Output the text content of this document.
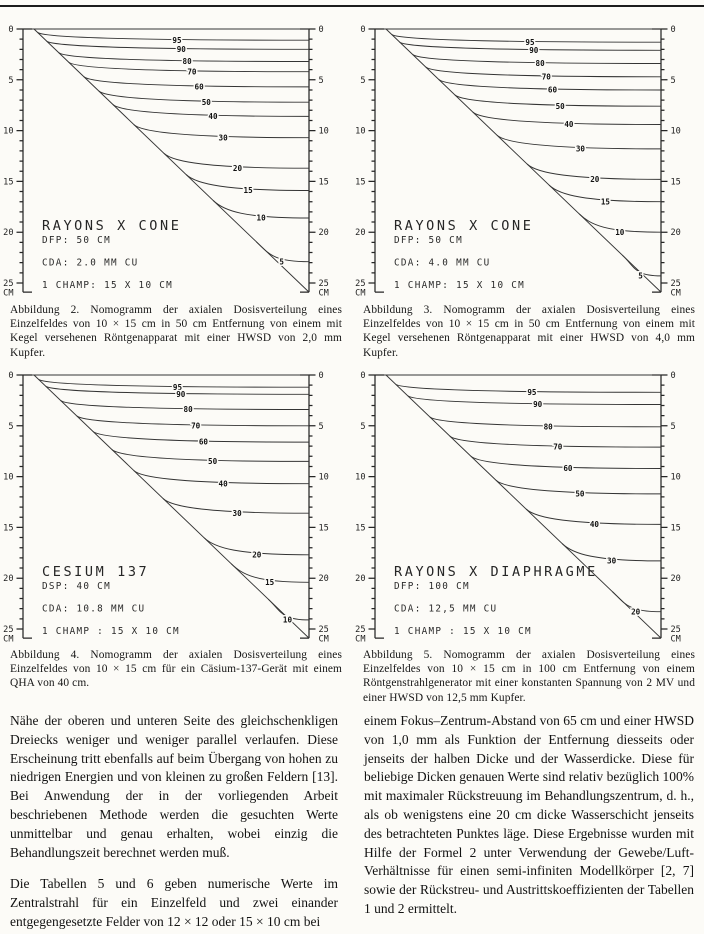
0	0
5	5
10	10
15	15
20	20
25	25
CM	CM
95
90
80
70
60
50
40
30
20
15
10
5
RAYONS X CONE
DFP: 50 CM
CDA: 2.0 MM CU
1 CHAMP: 15 X 10 CM
0	0
5	5
10	10
15	15
20	20
25	25
CM	CM
95
90
80
70
60
50
40
30
20
15
10
5
RAYONS X CONE
DFP: 50 CM
CDA: 4.0 MM CU
1 CHAMP: 15 X 10 CM
Abbildung 2. Nomogramm der axialen Dosisverteilung eines Einzelfeldes von 10 × 15 cm in 50 cm Entfernung von einem mit Kegel versehenen Röntgenapparat mit einer HWSD von 2,0 mm Kupfer.
Abbildung 3. Nomogramm der axialen Dosisverteilung eines Einzelfeldes von 10 × 15 cm in 50 cm Entfernung von einem mit Kegel versehenen Röntgenapparat mit einer HWSD von 4,0 mm Kupfer.
0	0
5	5
10	10
15	15
20	20
25	25
CM	CM
95
90
80
70
60
50
40
30
20
15
10
CESIUM 137
DSP: 40 CM
CDA: 10.8 MM CU
1 CHAMP : 15 X 10 CM
0	0
5	5
10	10
15	15
20	20
25	25
CM	CM
95
90
80
70
60
50
40
30
20
RAYONS X DIAPHRAGME
DFP: 100 CM
CDA: 12,5 MM CU
1 CHAMP : 15 X 10 CM
Abbildung 4. Nomogramm der axialen Dosisverteilung eines Einzelfeldes von 10 × 15 cm für ein Cäsium-137-Gerät mit einem QHA von 40 cm.
Abbildung 5. Nomogramm der axialen Dosisverteilung eines Einzelfeldes von 10 × 15 cm in 100 cm Entfernung von einem Röntgenstrahlgenerator mit einer konstanten Spannung von 2 MV und einer HWSD von 12,5 mm Kupfer.

Nähe der oberen und unteren Seite des gleichschenkligen Dreiecks weniger und weniger parallel verlaufen. Diese Erscheinung tritt ebenfalls auf beim Übergang von hohen zu niedrigen Energien und von kleinen zu großen Feldern [13]. Bei Anwendung der in der vorliegenden Arbeit beschriebenen Methode werden die gesuchten Werte unmittelbar und genau erhalten, wobei einzig die Behandlungszeit berechnet werden muß.

Die Tabellen 5 und 6 geben numerische Werte im Zentralstrahl für ein Einzelfeld und zwei einander entgegengesetzte Felder von 12 × 12 oder 15 × 10 cm bei

einem Fokus–Zentrum-Abstand von 65 cm und einer HWSD von 1,0 mm als Funktion der Entfernung diesseits oder jenseits der halben Dicke und der Wasserdicke. Diese für beliebige Dicken genauen Werte sind relativ bezüglich 100% mit maximaler Rückstreuung im Behandlungszentrum, d. h., als ob wenigstens eine 20 cm dicke Wasserschicht jenseits des betrachteten Punktes läge. Diese Ergebnisse wurden mit Hilfe der Formel 2 unter Verwendung der Gewebe/Luft-Verhältnisse für einen semi-infiniten Modellkörper [2, 7] sowie der Rückstreu- und Austrittskoeffizienten der Tabellen 1 und 2 ermittelt.
